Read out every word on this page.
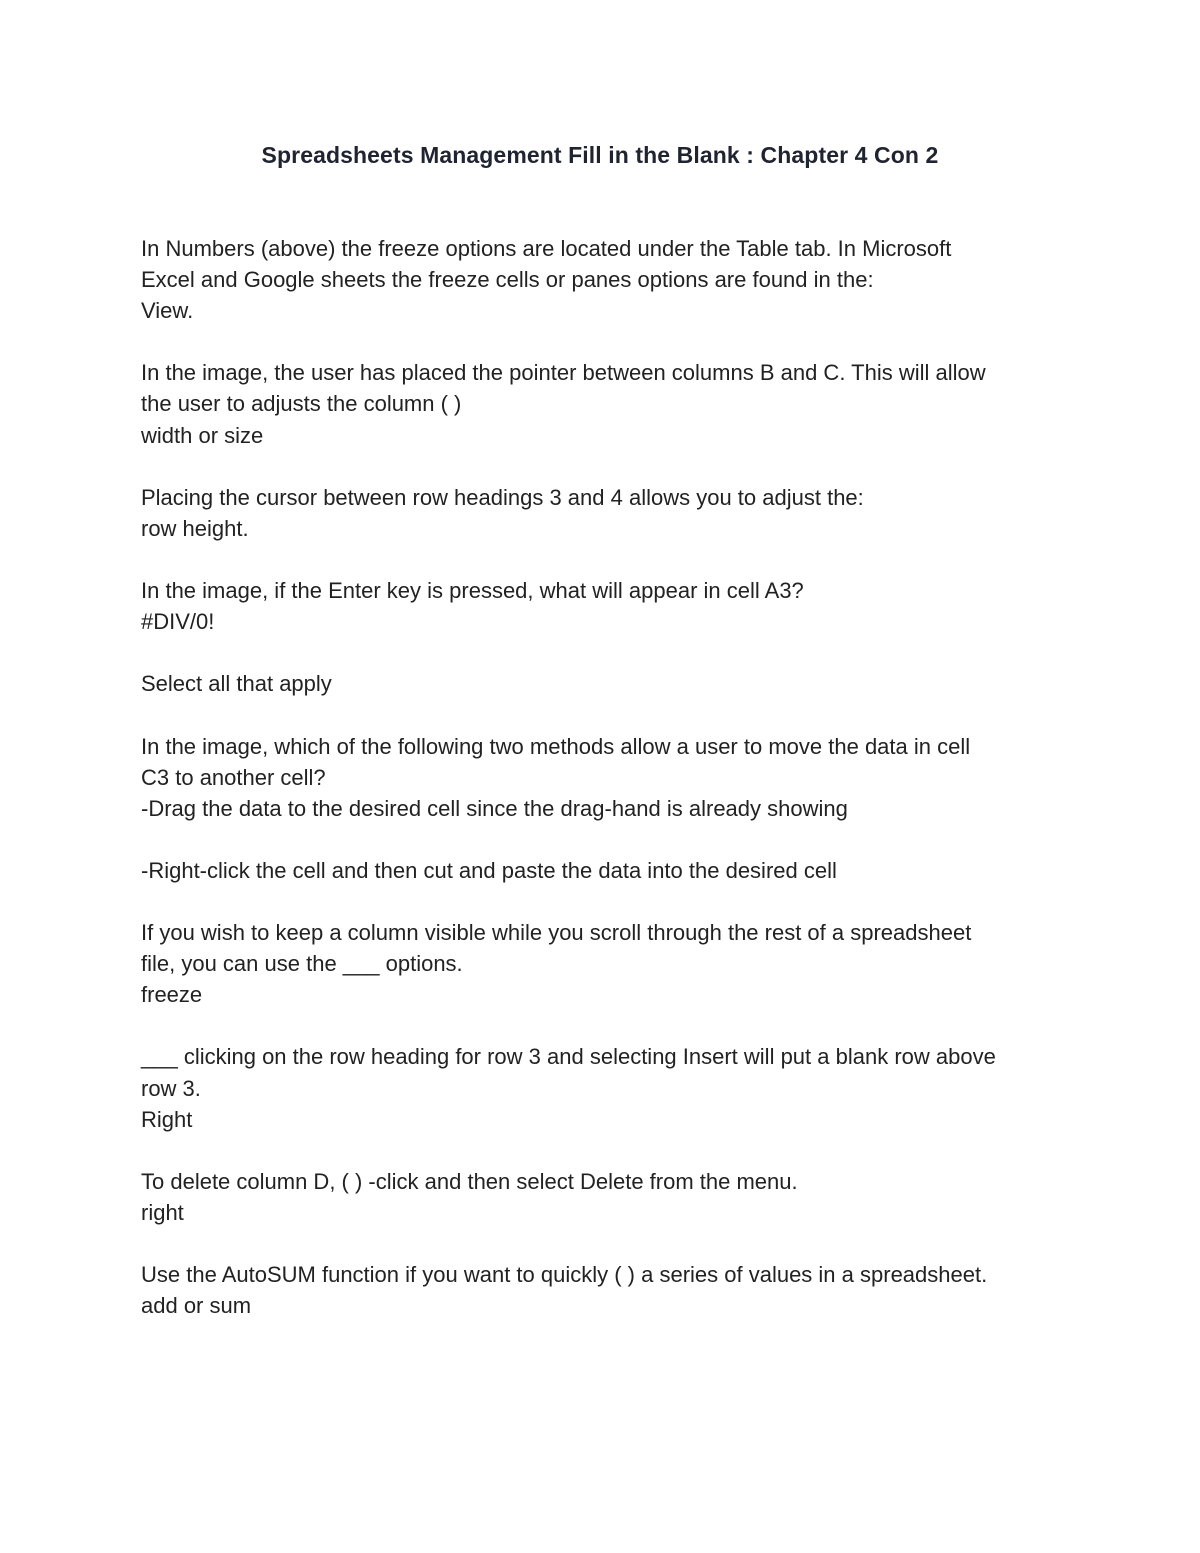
Spreadsheets Management Fill in the Blank : Chapter 4 Con 2
In Numbers (above) the freeze options are located under the Table tab. In Microsoft
Excel and Google sheets the freeze cells or panes options are found in the:
View.
In the image, the user has placed the pointer between columns B and C. This will allow
the user to adjusts the column ( )
width or size
Placing the cursor between row headings 3 and 4 allows you to adjust the:
row height.
In the image, if the Enter key is pressed, what will appear in cell A3?
#DIV/0!
Select all that apply
In the image, which of the following two methods allow a user to move the data in cell
C3 to another cell?
-Drag the data to the desired cell since the drag-hand is already showing
-Right-click the cell and then cut and paste the data into the desired cell
If you wish to keep a column visible while you scroll through the rest of a spreadsheet
file, you can use the ___ options.
freeze
___ clicking on the row heading for row 3 and selecting Insert will put a blank row above
row 3.
Right
To delete column D, ( ) -click and then select Delete from the menu.
right
Use the AutoSUM function if you want to quickly ( ) a series of values in a spreadsheet.
add or sum
